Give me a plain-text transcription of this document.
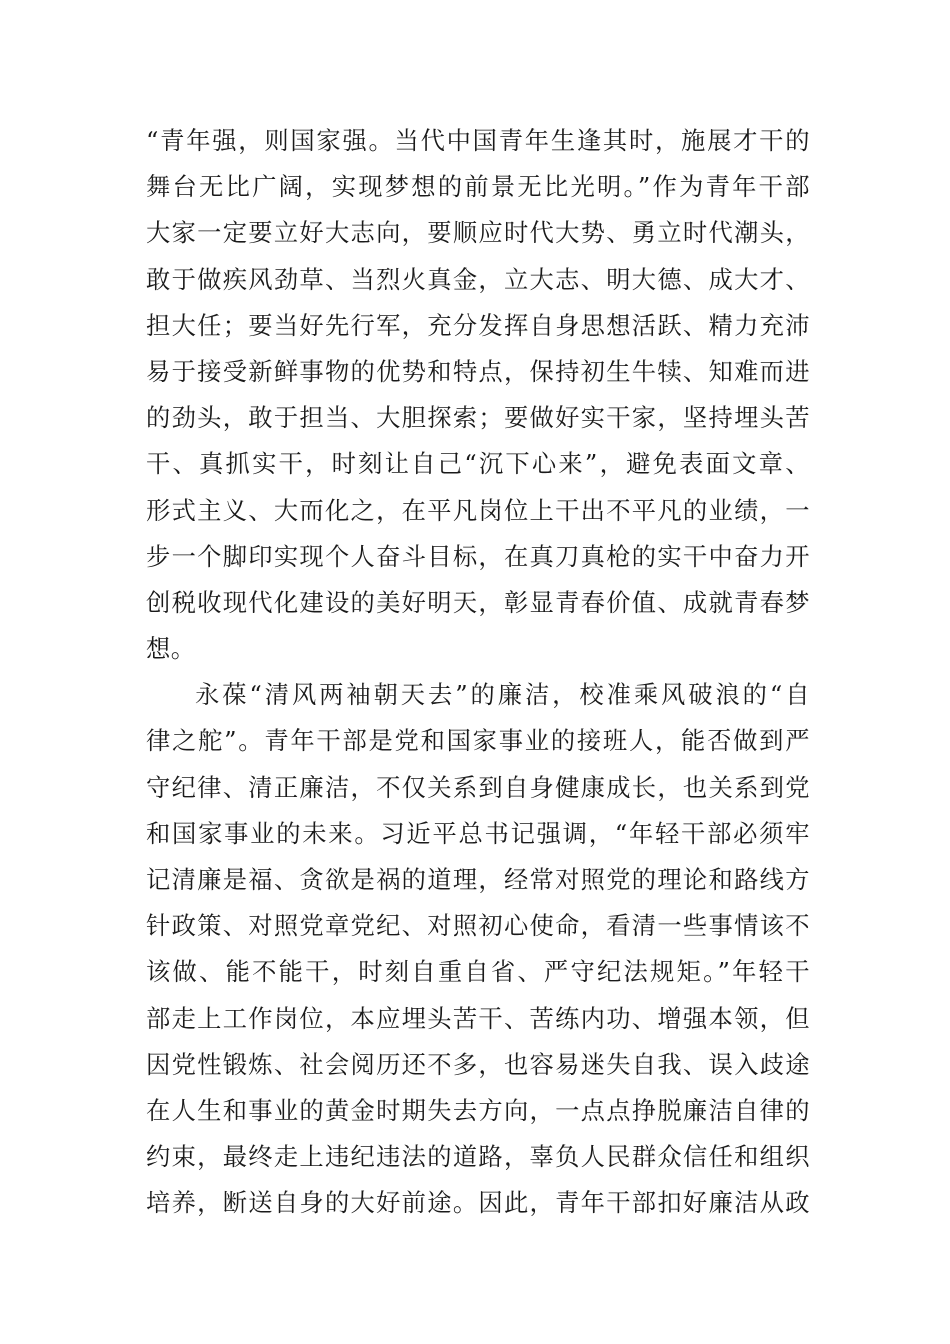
“青年强，则国家强。当代中国青年生逢其时，施展才干的
舞台无比广阔，实现梦想的前景无比光明。”作为青年干部
大家一定要立好大志向，要顺应时代大势、勇立时代潮头，
敢于做疾风劲草、当烈火真金，立大志、明大德、成大才、
担大任；要当好先行军，充分发挥自身思想活跃、精力充沛
易于接受新鲜事物的优势和特点，保持初生牛犊、知难而进
的劲头，敢于担当、大胆探索；要做好实干家，坚持埋头苦
干、真抓实干，时刻让自己“沉下心来”，避免表面文章、
形式主义、大而化之，在平凡岗位上干出不平凡的业绩，一
步一个脚印实现个人奋斗目标，在真刀真枪的实干中奋力开
创税收现代化建设的美好明天，彰显青春价值、成就青春梦
想。
永葆“清风两袖朝天去”的廉洁，校准乘风破浪的“自
律之舵”。青年干部是党和国家事业的接班人，能否做到严
守纪律、清正廉洁，不仅关系到自身健康成长，也关系到党
和国家事业的未来。习近平总书记强调，“年轻干部必须牢
记清廉是福、贪欲是祸的道理，经常对照党的理论和路线方
针政策、对照党章党纪、对照初心使命，看清一些事情该不
该做、能不能干，时刻自重自省、严守纪法规矩。”年轻干
部走上工作岗位，本应埋头苦干、苦练内功、增强本领，但
因党性锻炼、社会阅历还不多，也容易迷失自我、误入歧途
在人生和事业的黄金时期失去方向，一点点挣脱廉洁自律的
约束，最终走上违纪违法的道路，辜负人民群众信任和组织
培养，断送自身的大好前途。因此，青年干部扣好廉洁从政
